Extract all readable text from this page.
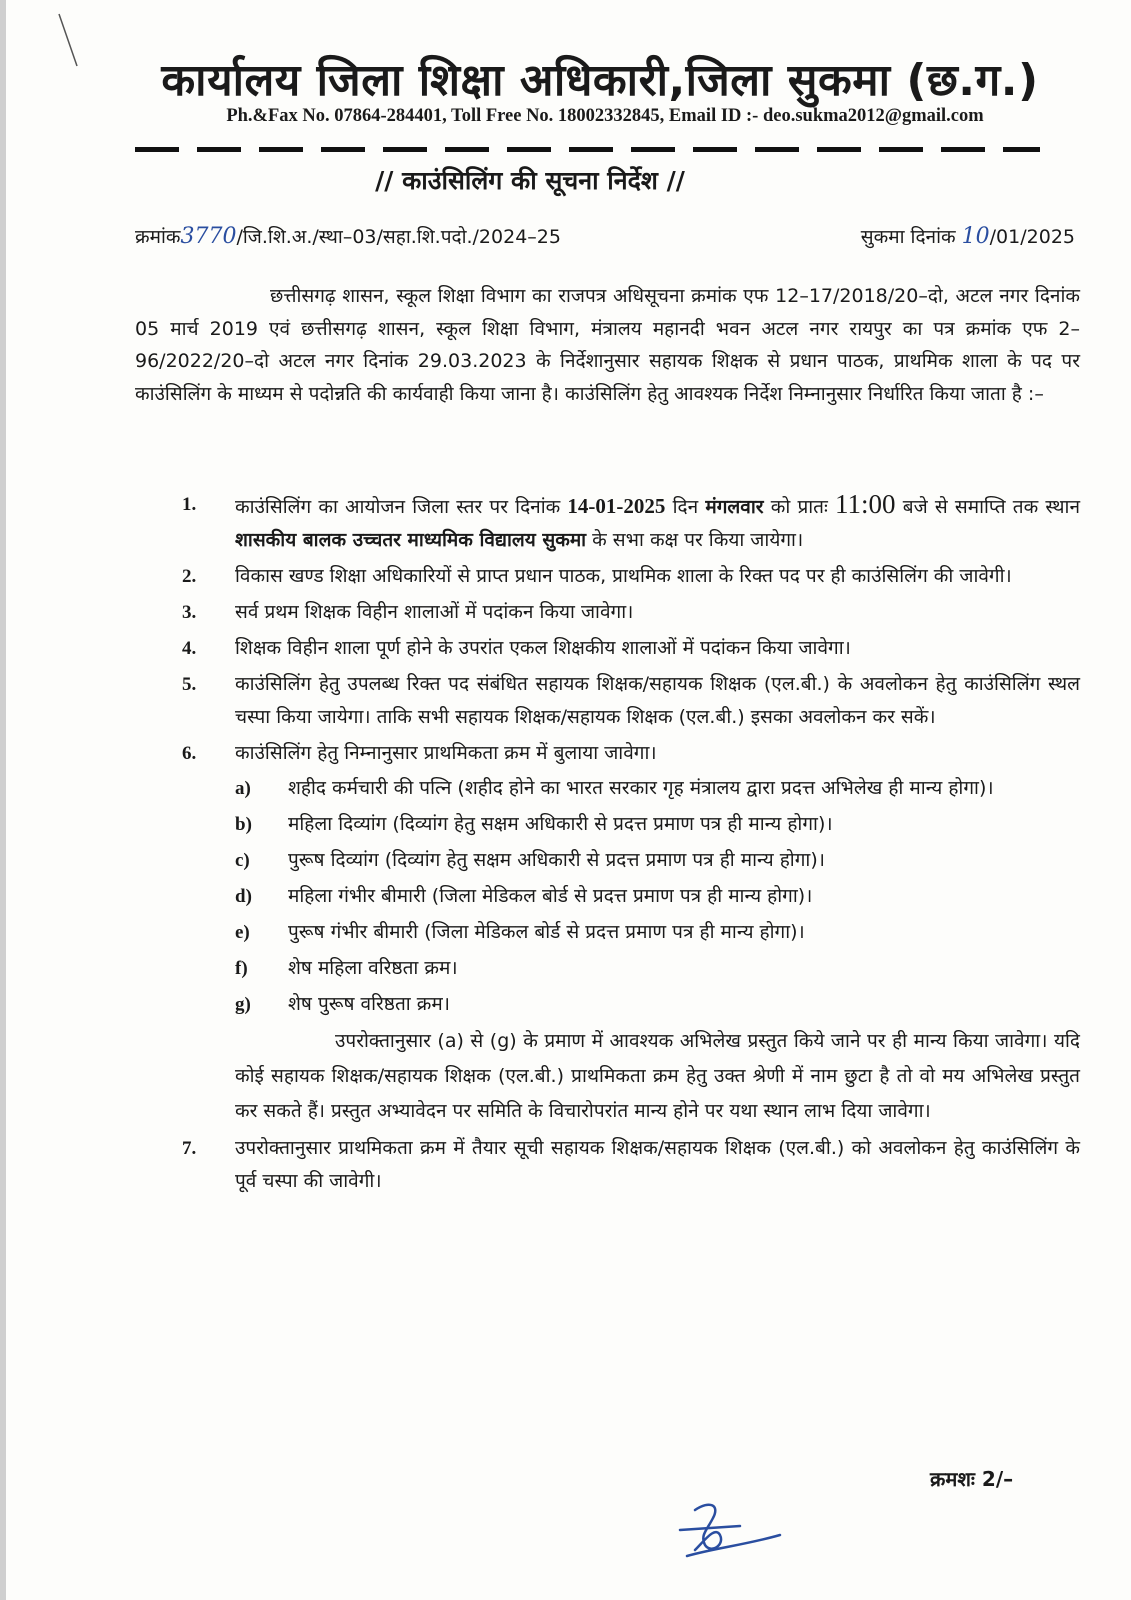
कार्यालय जिला शिक्षा अधिकारी,जिला सुकमा (छ.ग.)
Ph.&Fax No. 07864-284401, Toll Free No. 18002332845, Email ID :- deo.sukma2012@gmail.com
// काउंसिलिंग की सूचना निर्देश //
क्रमांक3770/जि.शि.अ./स्था–03/सहा.शि.पदो./2024–25	सुकमा दिनांक 10/01/2025
छत्तीसगढ़ शासन, स्कूल शिक्षा विभाग का राजपत्र अधिसूचना क्रमांक एफ 12–17/2018/20–दो, अटल नगर दिनांक 05 मार्च 2019 एवं छत्तीसगढ़ शासन, स्कूल शिक्षा विभाग, मंत्रालय महानदी भवन अटल नगर रायपुर का पत्र क्रमांक एफ 2–96/2022/20–दो अटल नगर दिनांक 29.03.2023 के निर्देशानुसार सहायक शिक्षक से प्रधान पाठक, प्राथमिक शाला के पद पर काउंसिलिंग के माध्यम से पदोन्नति की कार्यवाही किया जाना है। काउंसिलिंग हेतु आवश्यक निर्देश निम्नानुसार निर्धारित किया जाता है :–
1. काउंसिलिंग का आयोजन जिला स्तर पर दिनांक 14-01-2025 दिन मंगलवार को प्रातः 11:00 बजे से समाप्ति तक स्थान शासकीय बालक उच्चतर माध्यमिक विद्यालय सुकमा के सभा कक्ष पर किया जायेगा।
2. विकास खण्ड शिक्षा अधिकारियों से प्राप्त प्रधान पाठक, प्राथमिक शाला के रिक्त पद पर ही काउंसिलिंग की जावेगी।
3. सर्व प्रथम शिक्षक विहीन शालाओं में पदांकन किया जावेगा।
4. शिक्षक विहीन शाला पूर्ण होने के उपरांत एकल शिक्षकीय शालाओं में पदांकन किया जावेगा।
5. काउंसिलिंग हेतु उपलब्ध रिक्त पद संबंधित सहायक शिक्षक/सहायक शिक्षक (एल.बी.) के अवलोकन हेतु काउंसिलिंग स्थल चस्पा किया जायेगा। ताकि सभी सहायक शिक्षक/सहायक शिक्षक (एल.बी.) इसका अवलोकन कर सकें।
6. काउंसिलिंग हेतु निम्नानुसार प्राथमिकता क्रम में बुलाया जावेगा।
a) शहीद कर्मचारी की पत्नि (शहीद होने का भारत सरकार गृह मंत्रालय द्वारा प्रदत्त अभिलेख ही मान्य होगा)।
b) महिला दिव्यांग (दिव्यांग हेतु सक्षम अधिकारी से प्रदत्त प्रमाण पत्र ही मान्य होगा)।
c) पुरूष दिव्यांग (दिव्यांग हेतु सक्षम अधिकारी से प्रदत्त प्रमाण पत्र ही मान्य होगा)।
d) महिला गंभीर बीमारी (जिला मेडिकल बोर्ड से प्रदत्त प्रमाण पत्र ही मान्य होगा)।
e) पुरूष गंभीर बीमारी (जिला मेडिकल बोर्ड से प्रदत्त प्रमाण पत्र ही मान्य होगा)।
f) शेष महिला वरिष्ठता क्रम।
g) शेष पुरूष वरिष्ठता क्रम।
उपरोक्तानुसार (a) से (g) के प्रमाण में आवश्यक अभिलेख प्रस्तुत किये जाने पर ही मान्य किया जावेगा। यदि कोई सहायक शिक्षक/सहायक शिक्षक (एल.बी.) प्राथमिकता क्रम हेतु उक्त श्रेणी में नाम छुटा है तो वो मय अभिलेख प्रस्तुत कर सकते हैं। प्रस्तुत अभ्यावेदन पर समिति के विचारोपरांत मान्य होने पर यथा स्थान लाभ दिया जावेगा।
7. उपरोक्तानुसार प्राथमिकता क्रम में तैयार सूची सहायक शिक्षक/सहायक शिक्षक (एल.बी.) को अवलोकन हेतु काउंसिलिंग के पूर्व चस्पा की जावेगी।
क्रमशः 2/–
